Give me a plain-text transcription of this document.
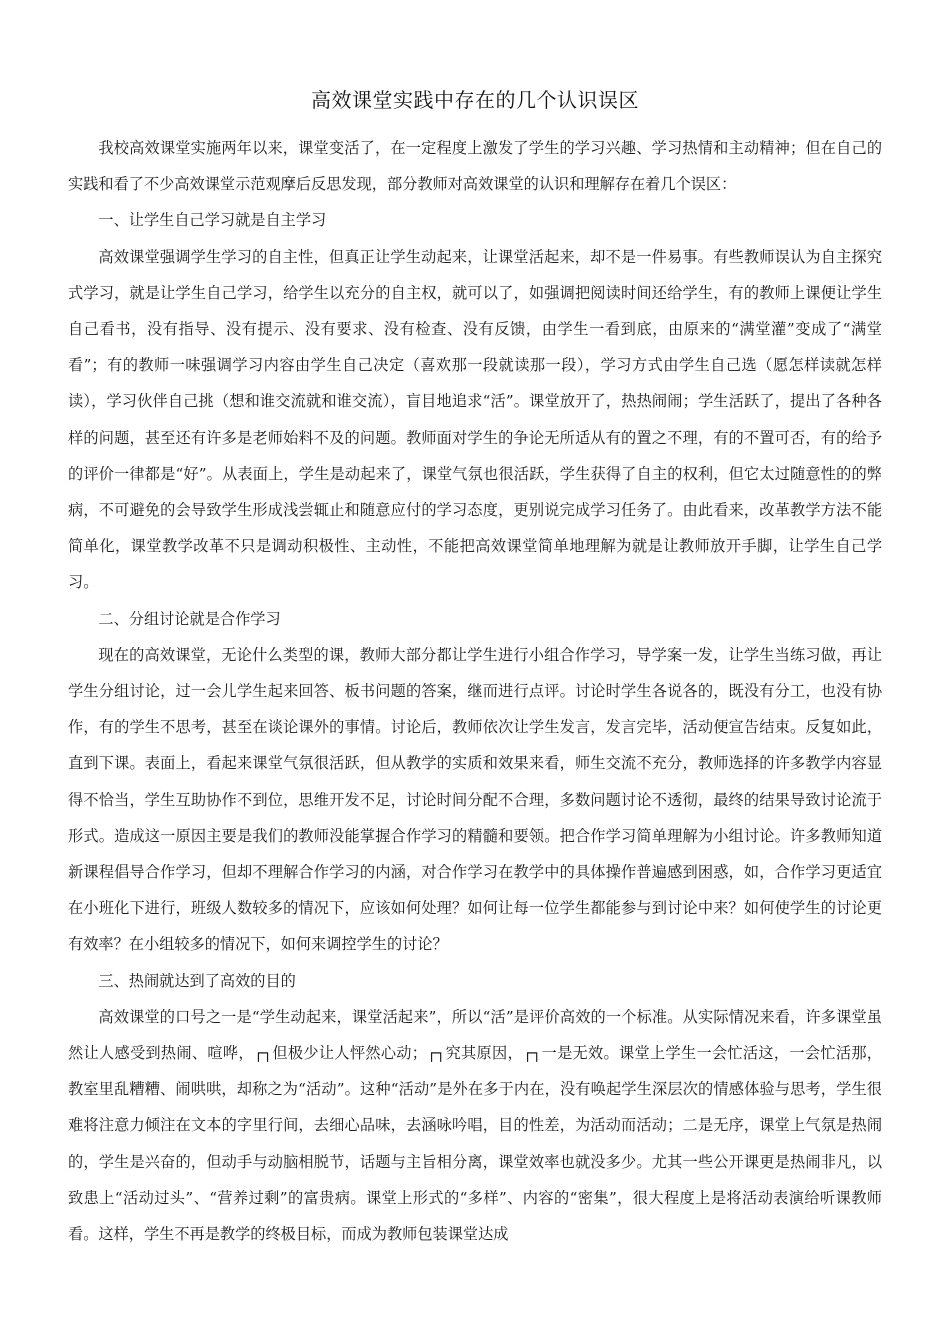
高效课堂实践中存在的几个认识误区

我校高效课堂实施两年以来，课堂变活了，在一定程度上激发了学生的学习兴趣、学习热情和主动精神；但在自己的实践和看了不少高效课堂示范观摩后反思发现，部分教师对高效课堂的认识和理解存在着几个误区：

一、让学生自己学习就是自主学习

高效课堂强调学生学习的自主性，但真正让学生动起来，让课堂活起来，却不是一件易事。有些教师误认为自主探究式学习，就是让学生自己学习，给学生以充分的自主权，就可以了，如强调把阅读时间还给学生，有的教师上课便让学生自己看书，没有指导、没有提示、没有要求、没有检查、没有反馈，由学生一看到底，由原来的“满堂灌”变成了“满堂看”；有的教师一味强调学习内容由学生自己决定（喜欢那一段就读那一段），学习方式由学生自己选（愿怎样读就怎样读），学习伙伴自己挑（想和谁交流就和谁交流），盲目地追求“活”。课堂放开了，热热闹闹；学生活跃了，提出了各种各样的问题，甚至还有许多是老师始料不及的问题。教师面对学生的争论无所适从有的置之不理，有的不置可否，有的给予的评价一律都是“好”。从表面上，学生是动起来了，课堂气氛也很活跃，学生获得了自主的权利，但它太过随意性的的弊病，不可避免的会导致学生形成浅尝辄止和随意应付的学习态度，更别说完成学习任务了。由此看来，改革教学方法不能简单化，课堂教学改革不只是调动积极性、主动性，不能把高效课堂简单地理解为就是让教师放开手脚，让学生自己学习。

二、分组讨论就是合作学习

现在的高效课堂，无论什么类型的课，教师大部分都让学生进行小组合作学习，导学案一发，让学生当练习做，再让学生分组讨论，过一会儿学生起来回答、板书问题的答案，继而进行点评。讨论时学生各说各的，既没有分工，也没有协作，有的学生不思考，甚至在谈论课外的事情。讨论后，教师依次让学生发言，发言完毕，活动便宣告结束。反复如此，直到下课。表面上，看起来课堂气氛很活跃，但从教学的实质和效果来看，师生交流不充分，教师选择的许多教学内容显得不恰当，学生互助协作不到位，思维开发不足，讨论时间分配不合理，多数问题讨论不透彻，最终的结果导致讨论流于形式。造成这一原因主要是我们的教师没能掌握合作学习的精髓和要领。把合作学习简单理解为小组讨论。许多教师知道新课程倡导合作学习，但却不理解合作学习的内涵，对合作学习在教学中的具体操作普遍感到困惑，如，合作学习更适宜在小班化下进行，班级人数较多的情况下，应该如何处理？如何让每一位学生都能参与到讨论中来？如何使学生的讨论更有效率？在小组较多的情况下，如何来调控学生的讨论？

三、热闹就达到了高效的目的

高效课堂的口号之一是“学生动起来，课堂活起来”，所以“活”是评价高效的一个标准。从实际情况来看，许多课堂虽然让人感受到热闹、喧哗，┌┐但极少让人怦然心动；┌┐究其原因，┌┐一是无效。课堂上学生一会忙活这，一会忙活那，教室里乱糟糟、闹哄哄，却称之为“活动”。这种“活动”是外在多于内在，没有唤起学生深层次的情感体验与思考，学生很难将注意力倾注在文本的字里行间，去细心品味，去涵咏吟唱，目的性差，为活动而活动；二是无序，课堂上气氛是热闹的，学生是兴奋的，但动手与动脑相脱节，话题与主旨相分离，课堂效率也就没多少。尤其一些公开课更是热闹非凡，以致患上“活动过头”、“营养过剩”的富贵病。课堂上形式的“多样”、内容的“密集”，很大程度上是将活动表演给听课教师看。这样，学生不再是教学的终极目标，而成为教师包装课堂达成
